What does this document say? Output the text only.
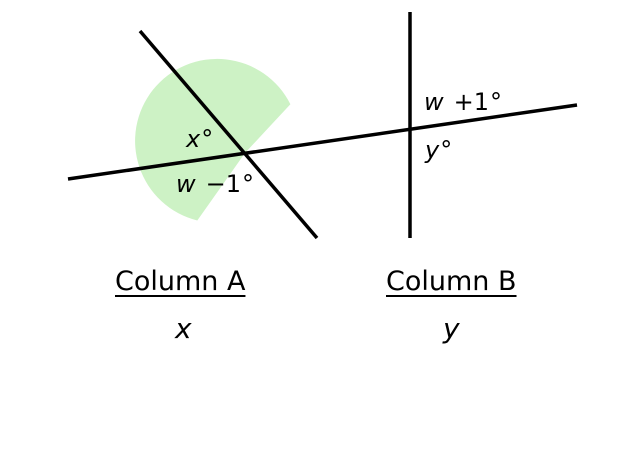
x°
w −1°
w +1°
y°
Column A
x
Column B
y
